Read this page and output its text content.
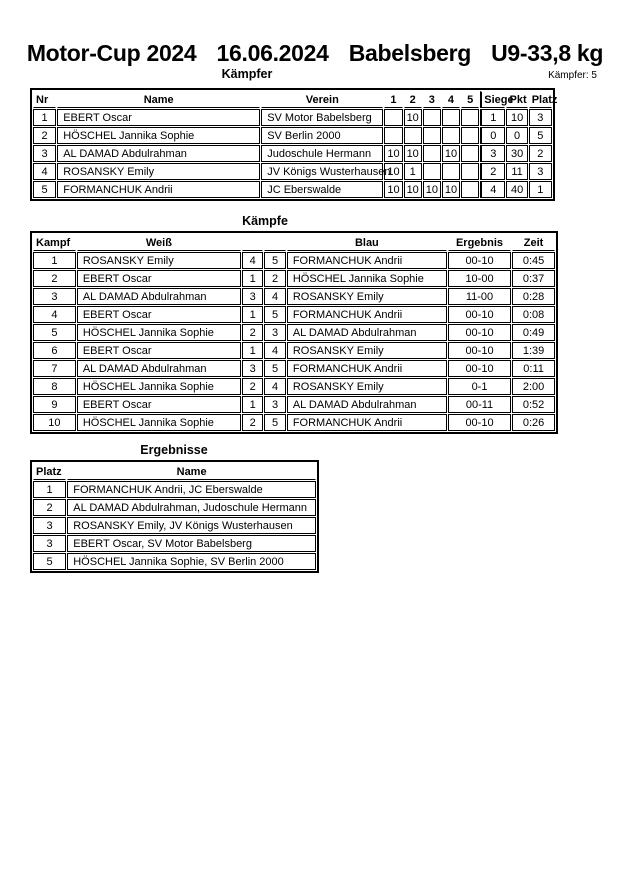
Motor-Cup 2024 16.06.2024 Babelsberg U9-33,8 kg
Kämpfer	Kämpfer: 5
Nr	Name	Verein	1	2	3	4	5	Siege	Pkt	Platz
1	EBERT Oscar	SV Motor Babelsberg		10				1	10	3
2	HÖSCHEL Jannika Sophie	SV Berlin 2000						0	0	5
3	AL DAMAD Abdulrahman	Judoschule Hermann	10	10		10		3	30	2
4	ROSANSKY Emily	JV Königs Wusterhausen	10	1				2	11	3
5	FORMANCHUK Andrii	JC Eberswalde	10	10	10	10		4	40	1
Kämpfe
Kampf	Weiß			Blau	Ergebnis	Zeit
1	ROSANSKY Emily	4	5	FORMANCHUK Andrii	00-10	0:45
2	EBERT Oscar	1	2	HÖSCHEL Jannika Sophie	10-00	0:37
3	AL DAMAD Abdulrahman	3	4	ROSANSKY Emily	11-00	0:28
4	EBERT Oscar	1	5	FORMANCHUK Andrii	00-10	0:08
5	HÖSCHEL Jannika Sophie	2	3	AL DAMAD Abdulrahman	00-10	0:49
6	EBERT Oscar	1	4	ROSANSKY Emily	00-10	1:39
7	AL DAMAD Abdulrahman	3	5	FORMANCHUK Andrii	00-10	0:11
8	HÖSCHEL Jannika Sophie	2	4	ROSANSKY Emily	0-1	2:00
9	EBERT Oscar	1	3	AL DAMAD Abdulrahman	00-11	0:52
10	HÖSCHEL Jannika Sophie	2	5	FORMANCHUK Andrii	00-10	0:26
Ergebnisse
Platz	Name
1	FORMANCHUK Andrii, JC Eberswalde
2	AL DAMAD Abdulrahman, Judoschule Hermann
3	ROSANSKY Emily, JV Königs Wusterhausen
3	EBERT Oscar, SV Motor Babelsberg
5	HÖSCHEL Jannika Sophie, SV Berlin 2000
